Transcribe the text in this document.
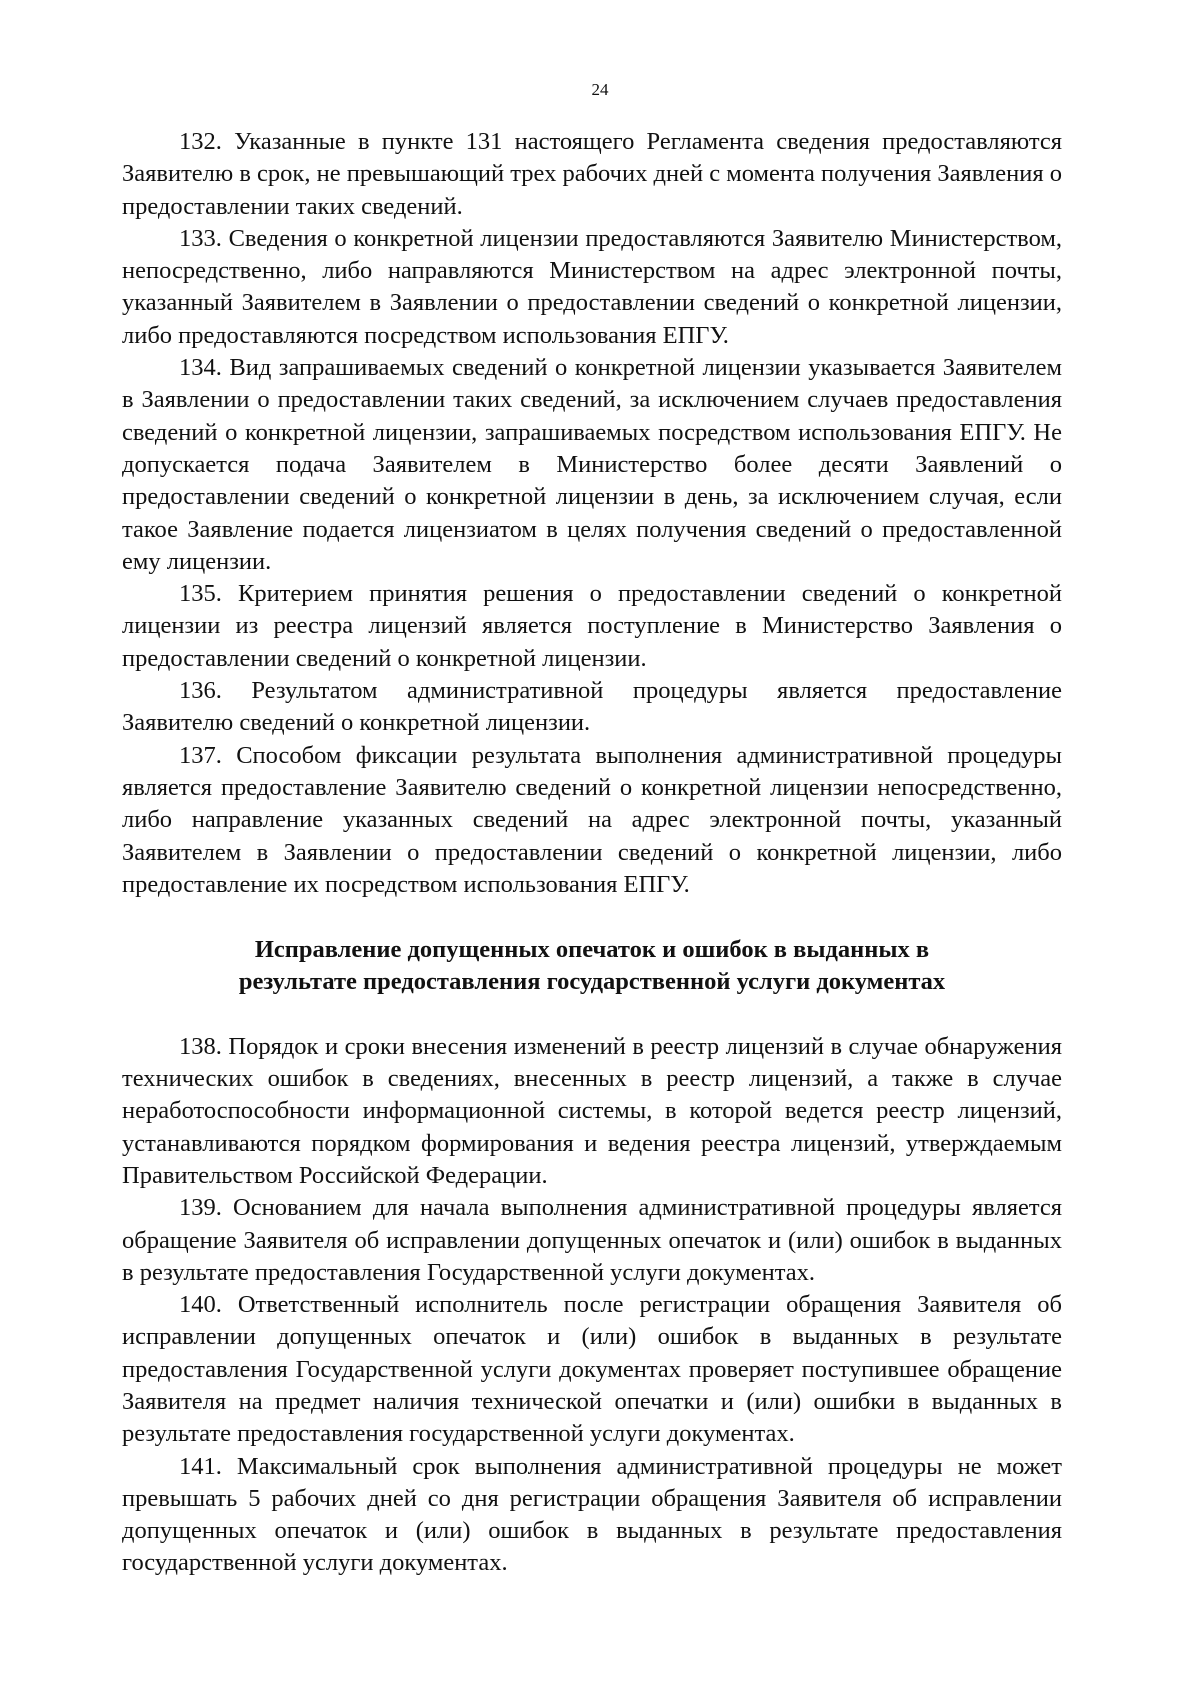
24

132. Указанные в пункте 131 настоящего Регламента сведения предоставляются Заявителю в срок, не превышающий трех рабочих дней с момента получения Заявления о предоставлении таких сведений.

133. Сведения о конкретной лицензии предоставляются Заявителю Министерством, непосредственно, либо направляются Министерством на адрес электронной почты, указанный Заявителем в Заявлении о предоставлении сведений о конкретной лицензии, либо предоставляются посредством использования ЕПГУ.

134. Вид запрашиваемых сведений о конкретной лицензии указывается Заявителем в Заявлении о предоставлении таких сведений, за исключением случаев предоставления сведений о конкретной лицензии, запрашиваемых посредством использования ЕПГУ. Не допускается подача Заявителем в Министерство более десяти Заявлений о предоставлении сведений о конкретной лицензии в день, за исключением случая, если такое Заявление подается лицензиатом в целях получения сведений о предоставленной ему лицензии.

135. Критерием принятия решения о предоставлении сведений о конкретной лицензии из реестра лицензий является поступление в Министерство Заявления о предоставлении сведений о конкретной лицензии.

136. Результатом административной процедуры является предоставление Заявителю сведений о конкретной лицензии.

137. Способом фиксации результата выполнения административной процедуры является предоставление Заявителю сведений о конкретной лицензии непосредственно, либо направление указанных сведений на адрес электронной почты, указанный Заявителем в Заявлении о предоставлении сведений о конкретной лицензии, либо предоставление их посредством использования ЕПГУ.

Исправление допущенных опечаток и ошибок в выданных в
результате предоставления государственной услуги документах

138. Порядок и сроки внесения изменений в реестр лицензий в случае обнаружения технических ошибок в сведениях, внесенных в реестр лицензий, а также в случае неработоспособности информационной системы, в которой ведется реестр лицензий, устанавливаются порядком формирования и ведения реестра лицензий, утверждаемым Правительством Российской Федерации.

139. Основанием для начала выполнения административной процедуры является обращение Заявителя об исправлении допущенных опечаток и (или) ошибок в выданных в результате предоставления Государственной услуги документах.

140. Ответственный исполнитель после регистрации обращения Заявителя об исправлении допущенных опечаток и (или) ошибок в выданных в результате предоставления Государственной услуги документах проверяет поступившее обращение Заявителя на предмет наличия технической опечатки и (или) ошибки в выданных в результате предоставления государственной услуги документах.

141. Максимальный срок выполнения административной процедуры не может превышать 5 рабочих дней со дня регистрации обращения Заявителя об исправлении допущенных опечаток и (или) ошибок в выданных в результате предоставления государственной услуги документах.
